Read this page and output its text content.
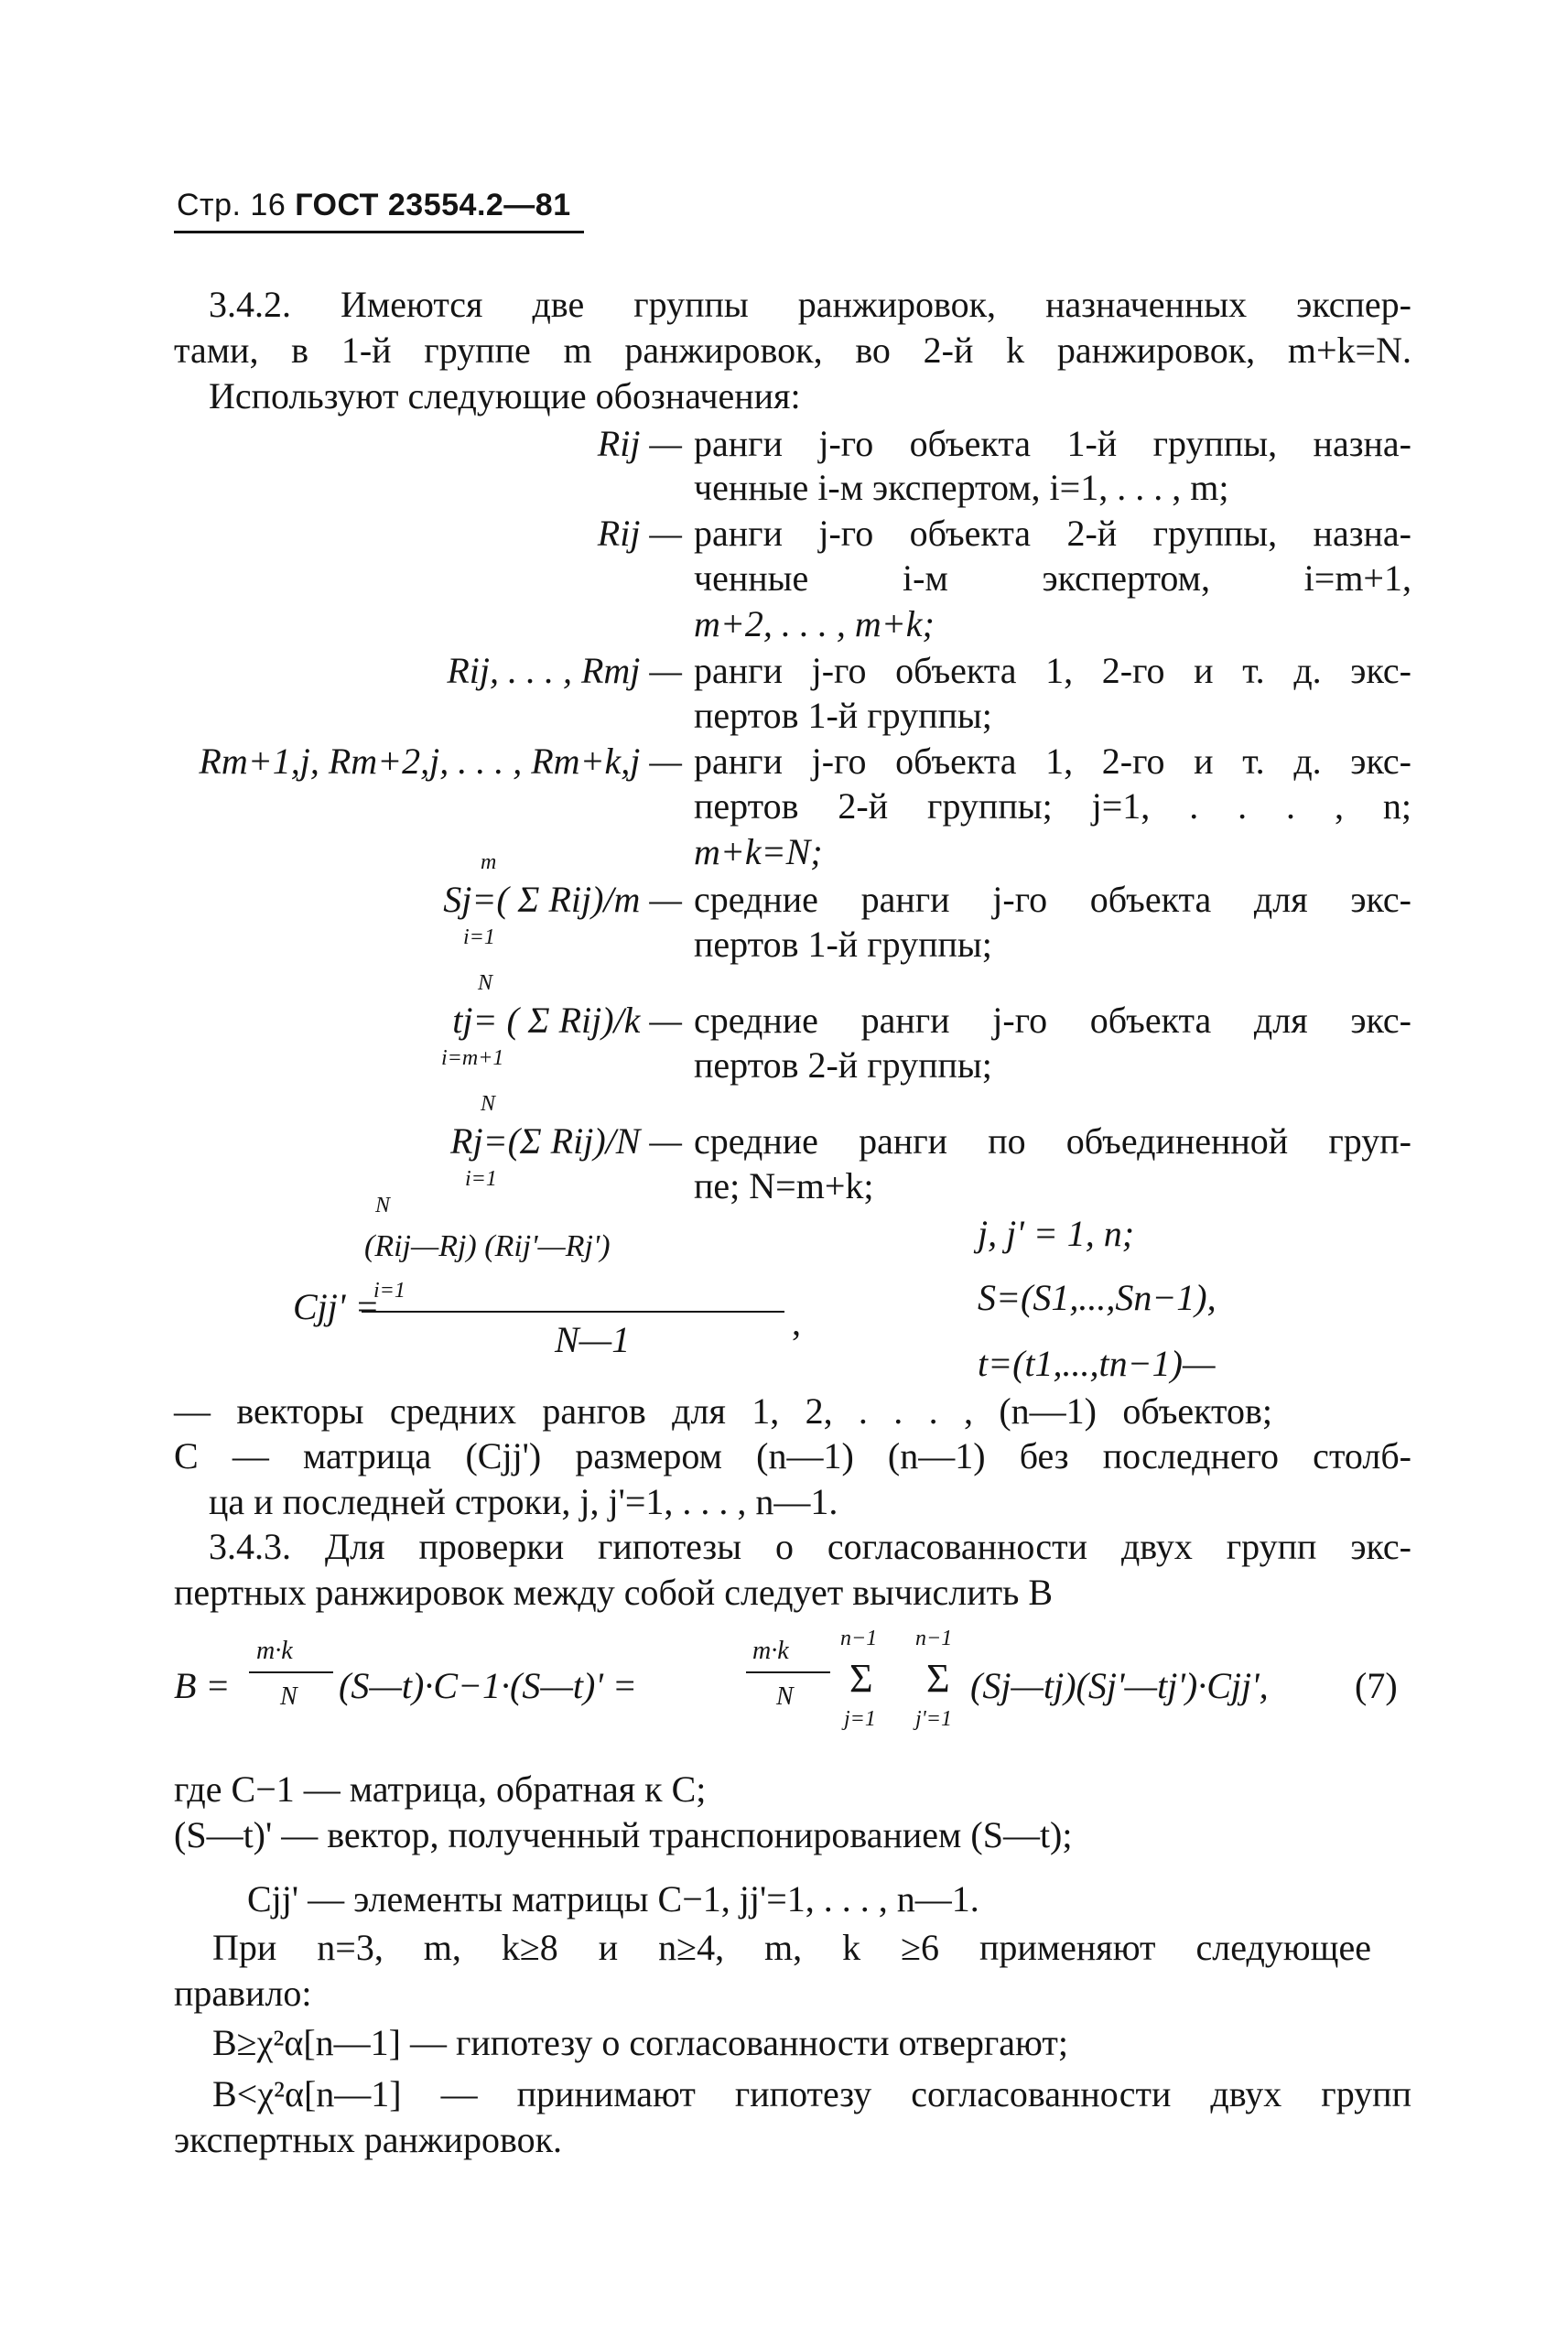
Стр. 16 ГОСТ 23554.2—81
3.4.2. Имеются две группы ранжировок, назначенных экспер-
тами, в 1-й группе m ранжировок, во 2-й k ранжировок, m+k=N.
Используют следующие обозначения:
Rij — ранги j-го объекта 1-й группы, назна-
ченные i-м экспертом, i=1, . . . , m;
Rij — ранги j-го объекта 2-й группы, назна-
ченные i-м экспертом, i=m+1,
m+2, . . . , m+k;
Rij, . . . , Rmj — ранги j-го объекта 1, 2-го и т. д. экс-
пертов 1-й группы;
Rm+1,j, Rm+2,j, . . . , Rm+k,j — ранги j-го объекта 1, 2-го и т. д. экс-
пертов 2-й группы; j=1, . . . , n;
m+k=N;
m
Sj=( Σ Rij)/m —
i=1
средние ранги j-го объекта для экс-
пертов 1-й группы;
N
tj= ( Σ Rij)/k —
i=m+1
средние ранги j-го объекта для экс-
пертов 2-й группы;
N
Rj=(Σ Rij)/N —
i=1
средние ранги по объединенной груп-
пе; N=m+k;
N
(Rij—Rj) (Rij'—Rj')
i=1
Cjj' =
N—1	,
j, j' = 1, n;
S=(S1,...,Sn−1),
t=(t1,...,tn−1)—
— векторы средних рангов для 1, 2, . . . , (n—1) объектов;
C — матрица (Cjj') размером (n—1) (n—1) без последнего столб-
ца и последней строки, j, j'=1, . . . , n—1.
3.4.3. Для проверки гипотезы о согласованности двух групп экс-
пертных ранжировок между собой следует вычислить B
B =
m·k
N (S—t)·C−1·(S—t)' =
m·k
N
n−1
Σ
j=1
n−1
Σ
j'=1
(Sj—tj)(Sj'—tj')·Cjj', (7)
где C−1 — матрица, обратная к C;
(S—t)' — вектор, полученный транспонированием (S—t);
Cjj' — элементы матрицы C−1, jj'=1, . . . , n—1.
При n=3, m, k≥8 и n≥4, m, k ≥6 применяют следующее
правило:
B≥χ²α[n—1] — гипотезу о согласованности отвергают;
B<χ²α[n—1] — принимают гипотезу согласованности двух групп
экспертных ранжировок.
